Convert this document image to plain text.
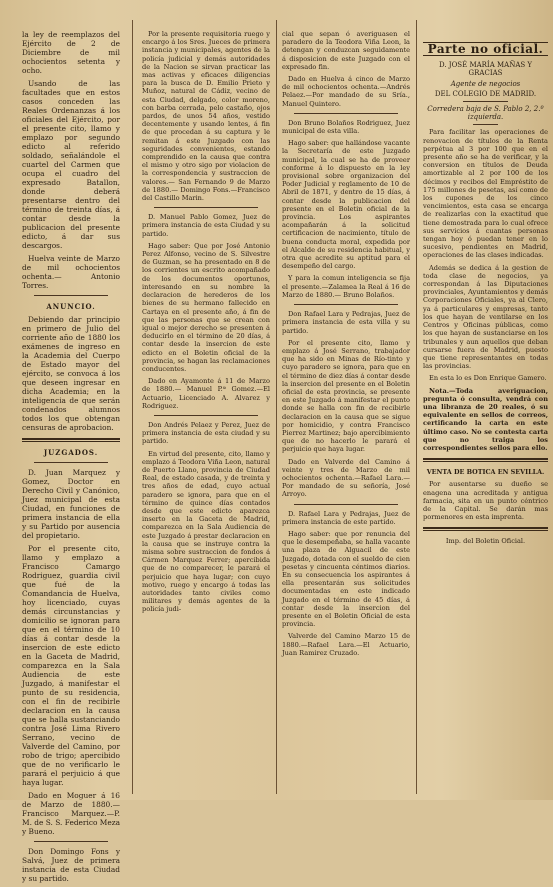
la ley de reemplazos del Ejército de 2 de Diciembre de mil ochocientos setenta y ocho.

Usando de las facultades que en estos casos conceden las Reales Ordenanzas á los oficiales del Ejército, por el presente cito, llamo y emplazo por segundo edicto al referido soldado, señalándole el cuartel del Carmen que ocupa el cuadro del expresado Batallon, donde deberá presentarse dentro del término de treinta días, á contar desde la publicacion del presente edicto, á dar sus descargos.

Huelva veinte de Marzo de mil ochocientos ochenta.— Antonio Torres.

ANUNCIO.

Debiendo dar principio en primero de Julio del corriente año de 1880 los exámenes de ingreso en la Academia del Cuerpo de Estado mayor del ejército, se convoca á los que deseen ingresar en dicha Academia; en la inteligencia de que serán condenados alumnos todos los que obtengan censuras de aprobacion.

JUZGADOS.

D. Juan Marquez y Gomez, Doctor en Derecho Civil y Canónico, Juez municipal de esta Ciudad, en funciones de primera instancia de ella y su Partido por ausencia del propietario.

Por el presente cito, llamo y emplazo a Francisco Camargo Rodriguez, guardia civil que fué de la Comandancia de Huelva, hoy licenciado, cuyas demás circunstancias y domicilio se ignoran para que en el término de 10 días á contar desde la insercion de este edicto en la Gaceta de Madrid, comparezca en la Sala Audiencia de este Juzgado, á manifestar el punto de su residencia, con el fin de recibirle declaracion en la causa que se halla sustanciando contra José Lima Rivero Serrano, vecino de Valverde del Camino, por robo de trigo; apercibido que de no verificarlo le parará el perjuicio á que haya lugar.

Dado en Moguer á 16 de Marzo de 1880.— Francisco Marquez.—P. M. de S. S. Federico Meza y Bueno.

Don Domingo Fons y Salvá, Juez de primera instancia de esta Ciudad y su partido.

Por la presente requisitoria ruego y encargo á los Sres. Jueces de primera instancia y municipales, agentes de la policía judicial y demás autoridades de la Nacion se sirvan practicar las mas activas y eficaces diligencias para la busca de D. Emilio Prieto y Muñoz, natural de Cádiz, vecino de esta Ciudad, delgado, color moreno, con barba cerrada, pelo castaño, ojos pardos, de unos 54 años, vestido decentemente y usando lentes, á fin de que procedan á su captura y le remitan á este Juzgado con las seguridades convenientes, estando comprendido en la causa que contra el mismo y otro sigo por violacion de la correspondencia y sustraccion de valores.— San Fernando 9 de Marzo de 1880.— Domingo Fons.—Francisco del Castillo Marin.

D. Manuel Pablo Gomez, Juez de primera instancia de esta Ciudad y su partido.

Hago saber: Que por José Antonio Perez Alfonso, vecino de S. Silvestre de Guzman, se ha presentado en 8 de los corrientes un escrito acompañado de los documentos oportunos, interesando en su nombre la declaracion de herederos de los bienes de su hermano fallecido en Cartaya en el presente año, á fin de que las personas que se crean con igual o mejor derecho se presenten á deducirlo en el término de 20 días, á contar desde la insercion de este edicto en el Boletin oficial de la provincia, se hagan las reclamaciones conducentes.

Dado en Ayamonte á 11 de Marzo de 1880.— Manuel P.ª Gomez.—El Actuario, Licenciado A. Alvarez y Rodriguez.

Don Andrés Pelaez y Perez, Juez de primera instancia de esta ciudad y su partido.

En virtud del presente, cito, llamo y emplazo á Teodora Viña Leon, natural de Puerto Llano, provincia de Ciudad Real, de estado casada, y de treinta y tres años de edad, cuyo actual paradero se ignora, para que en el término de quince días contados desde que este edicto aparezca inserto en la Gaceta de Madrid, comparezca en la Sala Audiencia de este Juzgado á prestar declaracion en la causa que se instruye contra la misma sobre sustraccion de fondos á Cármen Marquez Ferrer; apercibida que de no comparecer, le parará el perjuicio que haya lugar; con cuyo motivo, ruego y encargo á todas las autoridades tanto civiles como militares y demás agentes de la policía judi-

cial que sepan ó averiguasen el paradero de la Teodora Viña Leon, la detengan y conduzcan seguidamente á disposicion de este Juzgado con el expresado fin.

Dado en Huelva á cinco de Marzo de mil ochocientos ochenta.—Andrés Pelaez.—Por mandado de su Sría., Manuel Quintero.

Don Bruno Bolaños Rodriguez, Juez municipal de esta villa.

Hago saber: que hallándose vacante la Secretaría de este Juzgado municipal, la cual se ha de proveer conforme á lo dispuesto en la ley provisional sobre organizacion del Poder Judicial y reglamento de 10 de Abril de 1871, y dentro de 15 días, á contar desde la publicacion del presente en el Boletin oficial de la provincia. Los aspirantes acompañarán á la solicitud certificacion de nacimiento, título de buena conducta moral, expedida por el Alcalde de su residencia habitual, y otra que acredite su aptitud para el desempeño del cargo.

Y para la comun inteligencia se fija el presente.—Zalamea la Real á 16 de Marzo de 1880.— Bruno Bolaños.

Don Rafael Lara y Pedrajas, Juez de primera instancia de esta villa y su partido.

Por el presente cito, llamo y emplazo á José Serrano, trabajador que ha sido en Minas de Río-tinto y cuyo paradero se ignora, para que en el término de diez días á contar desde la insercion del presente en el Boletin oficial de esta provincia, se presente en este Juzgado á manifestar el punto donde se halla con fin de recibirle declaracion en la causa que se sigue por homicidio, y contra Francisco Pierrez Martinez; bajo apercibimiento que de no hacerlo le parará el perjuicio que haya lugar.

Dado en Valverde del Camino á veinte y tres de Marzo de mil ochocientos ochenta.—Rafael Lara.—Por mandado de su señoría, José Arroyo.

D. Rafael Lara y Pedrajas, Juez de primera instancia de este partido.

Hago saber: que por renuncia del que le desempeñaba, se halla vacante una plaza de Alguacil de este Juzgado, dotada con el sueldo de cien pesetas y cincuenta céntimos diarios. En su consecuencia los aspirantes á ella presentarán sus solicitudes documentadas en este indicado Juzgado en el término de 45 días, á contar desde la insercion del presente en el Boletin Oficial de esta provincia.

Valverde del Camino Marzo 15 de 1880.—Rafael Lara.—El Actuario, Juan Ramirez Cruzado.

Parte no oficial.

D. JOSÉ MARÍA MAÑAS Y GRACIAS

Agente de negocios

DEL COLEGIO DE MADRID.

Corredera baja de S. Pablo 2, 2.º izquierda.

Para facilitar las operaciones de renovacion de títulos de la Renta perpétua al 3 por 100 que en el presente año se ha de verificar, y la conversion en títulos de Deuda amortizable al 2 por 100 de los décimos y recibos del Empréstito de 175 millones de pesetas, así como de los cupones de los cinco vencimientos, esta casa se encarga de realizarlas con la exactitud que tiene demostrada para lo cual ofrece sus servicios á cuantas personas tengan hoy ó puedan tener en lo sucesivo, pendientes en Madrid, operaciones de las clases indicadas.

Además se dedica á la gestion de toda clase de negocios, ya correspondan á las Diputaciones provinciales, Ayuntamientos y demás Corporaciones Oficiales, ya al Clero, ya á particulares y empresas, tanto los que hayan de ventilarse en los Centros y Oficinas públicas, como los que hayan de sustanciarse en los tribunales y aun aquellos que deban cursarse fuera de Madrid, puesto que tiene representantes en todas las provincias.

En esta lo es Don Enrique Gamero.

Nota.—Toda averiguacion, pregunta ó consulta, vendrá con una libranza de 20 reales, ó su equivalente en sellos de correos, certificando la carta en este último caso. No se contesta carta que no traiga los correspondientes sellos para ello.

VENTA DE BOTICA EN SEVILLA.

Por ausentarse su dueño se enagena una acreditada y antigua farmacia, sita en un punto céntrico de la Capital. Se darán mas pormenores en esta imprenta.

Imp. del Boletin Oficial.
